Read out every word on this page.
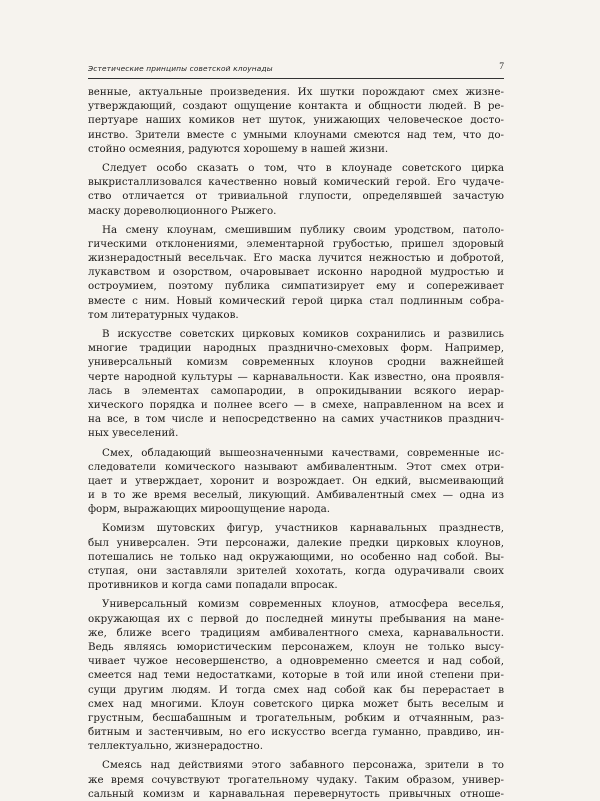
Эстетические принципы советской клоунады	7
венные, актуальные произведения. Их шутки порождают смех жизне-
утверждающий, создают ощущение контакта и общности людей. В ре-
пертуаре наших комиков нет шуток, унижающих человеческое досто-
инство. Зрители вместе с умными клоунами смеются над тем, что до-
стойно осмеяния, радуются хорошему в нашей жизни.
Следует особо сказать о том, что в клоунаде советского цирка
выкристаллизовался качественно новый комический герой. Его чудаче-
ство отличается от тривиальной глупости, определявшей зачастую
маску дореволюционного Рыжего.
На смену клоунам, смешившим публику своим уродством, патоло-
гическими отклонениями, элементарной грубостью, пришел здоровый
жизнерадостный весельчак. Его маска лучится нежностью и добротой,
лукавством и озорством, очаровывает исконно народной мудростью и
остроумием, поэтому публика симпатизирует ему и сопереживает
вместе с ним. Новый комический герой цирка стал подлинным собра-
том литературных чудаков.
В искусстве советских цирковых комиков сохранились и развились
многие традиции народных празднично-смеховых форм. Например,
универсальный комизм современных клоунов сродни важнейшей
черте народной культуры — карнавальности. Как известно, она проявля-
лась в элементах самопародии, в опрокидывании всякого иерар-
хического порядка и полнее всего — в смехе, направленном на всех и
на все, в том числе и непосредственно на самих участников празднич-
ных увеселений.
Смех, обладающий вышеозначенными качествами, современные ис-
следователи комического называют амбивалентным. Этот смех отри-
цает и утверждает, хоронит и возрождает. Он едкий, высмеивающий
и в то же время веселый, ликующий. Амбивалентный смех — одна из
форм, выражающих мироощущение народа.
Комизм шутовских фигур, участников карнавальных празднеств,
был универсален. Эти персонажи, далекие предки цирковых клоунов,
потешались не только над окружающими, но особенно над собой. Вы-
ступая, они заставляли зрителей хохотать, когда одурачивали своих
противников и когда сами попадали впросак.
Универсальный комизм современных клоунов, атмосфера веселья,
окружающая их с первой до последней минуты пребывания на мане-
же, ближе всего традициям амбивалентного смеха, карнавальности.
Ведь являясь юмористическим персонажем, клоун не только высу-
чивает чужое несовершенство, а одновременно смеется и над собой,
смеется над теми недостатками, которые в той или иной степени при-
сущи другим людям. И тогда смех над собой как бы перерастает в
смех над многими. Клоун советского цирка может быть веселым и
грустным, бесшабашным и трогательным, робким и отчаянным, раз-
битным и застенчивым, но его искусство всегда гуманно, правдиво, ин-
теллектуально, жизнерадостно.
Смеясь над действиями этого забавного персонажа, зрители в то
же время сочувствуют трогательному чудаку. Таким образом, универ-
сальный комизм и карнавальная перевернутость привычных отноше-
